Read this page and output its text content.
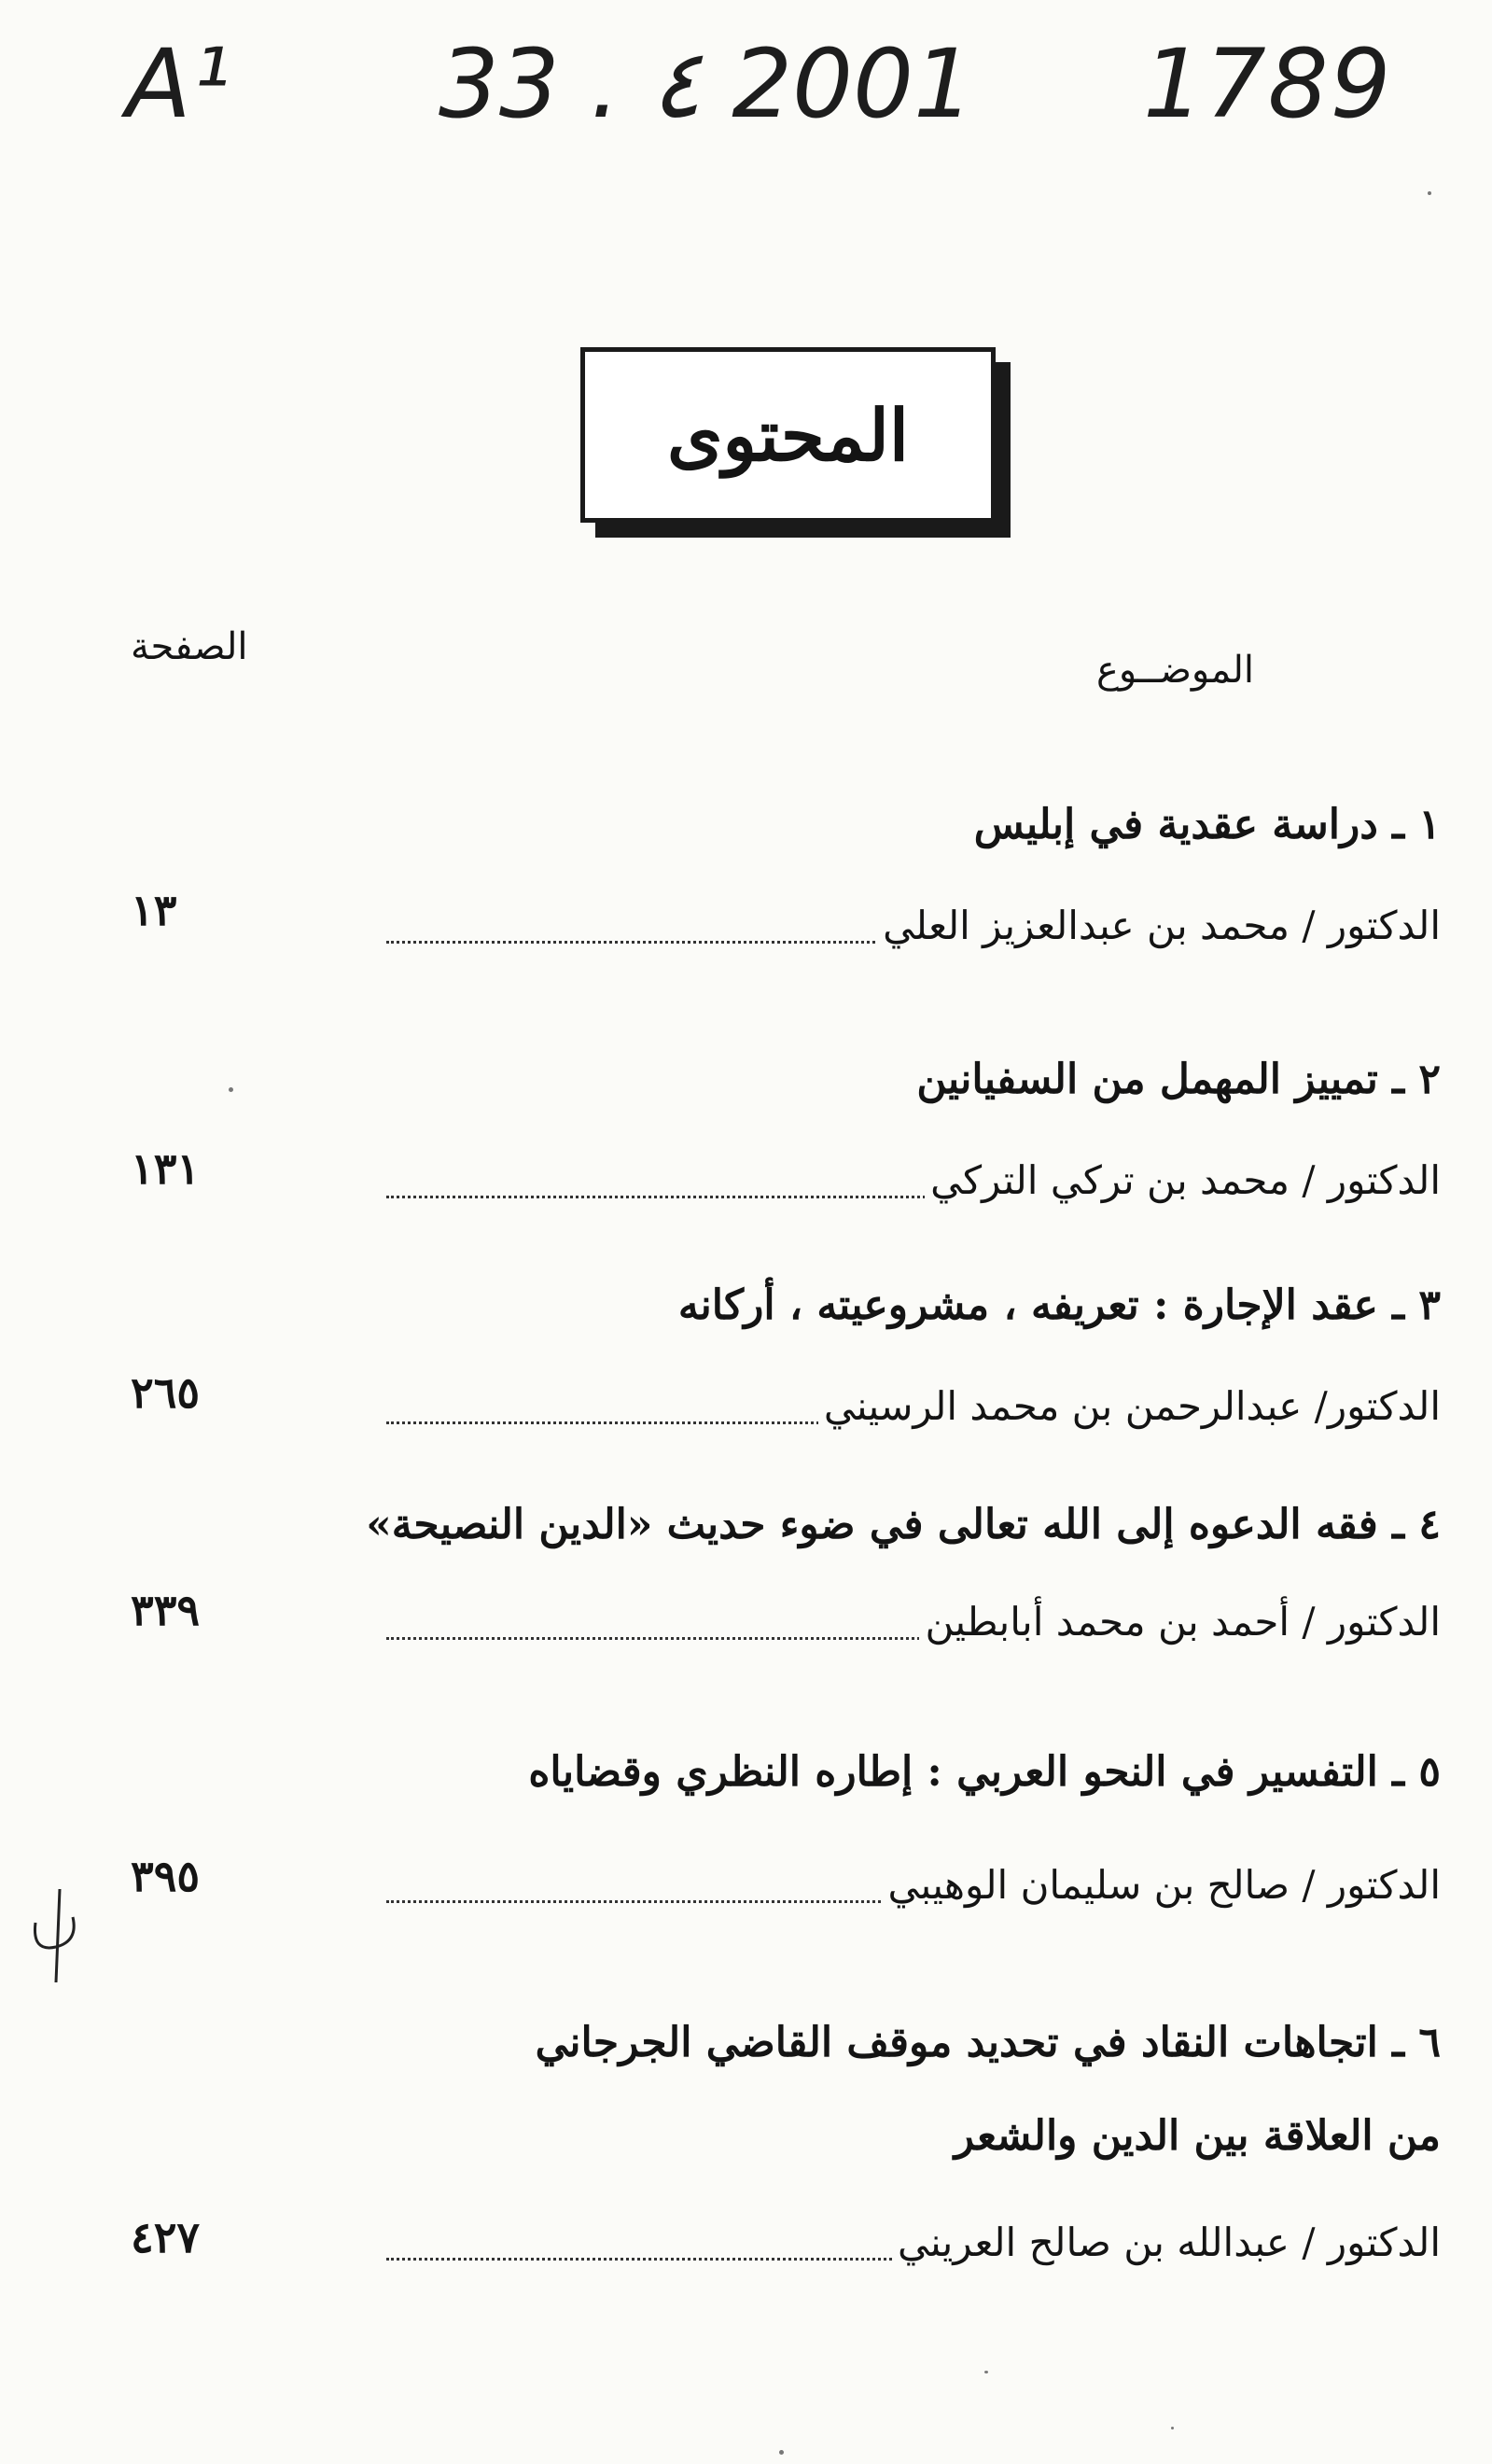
A¹ 33 . ٤ 2001 1789
المحتوى
الموضــوع
الصفحة
١ ـ دراسة عقدية في إبليس
الدكتور / محمد بن عبدالعزيز العلي
١٣
٢ ـ تمييز المهمل من السفيانين
الدكتور / محمد بن تركي التركي
١٣١
٣ ـ عقد الإجارة : تعريفه ، مشروعيته ، أركانه
الدكتور/ عبدالرحمن بن محمد الرسيني
٢٦٥
٤ ـ فقه الدعوه إلى الله تعالى في ضوء حديث «الدين النصيحة»
الدكتور / أحمد بن محمد أبابطين
٣٣٩
٥ ـ التفسير في النحو العربي : إطاره النظري وقضاياه
الدكتور / صالح بن سليمان الوهيبي
٣٩٥
٦ ـ اتجاهات النقاد في تحديد موقف القاضي الجرجاني
من العلاقة بين الدين والشعر
الدكتور / عبدالله بن صالح العريني
٤٢٧
